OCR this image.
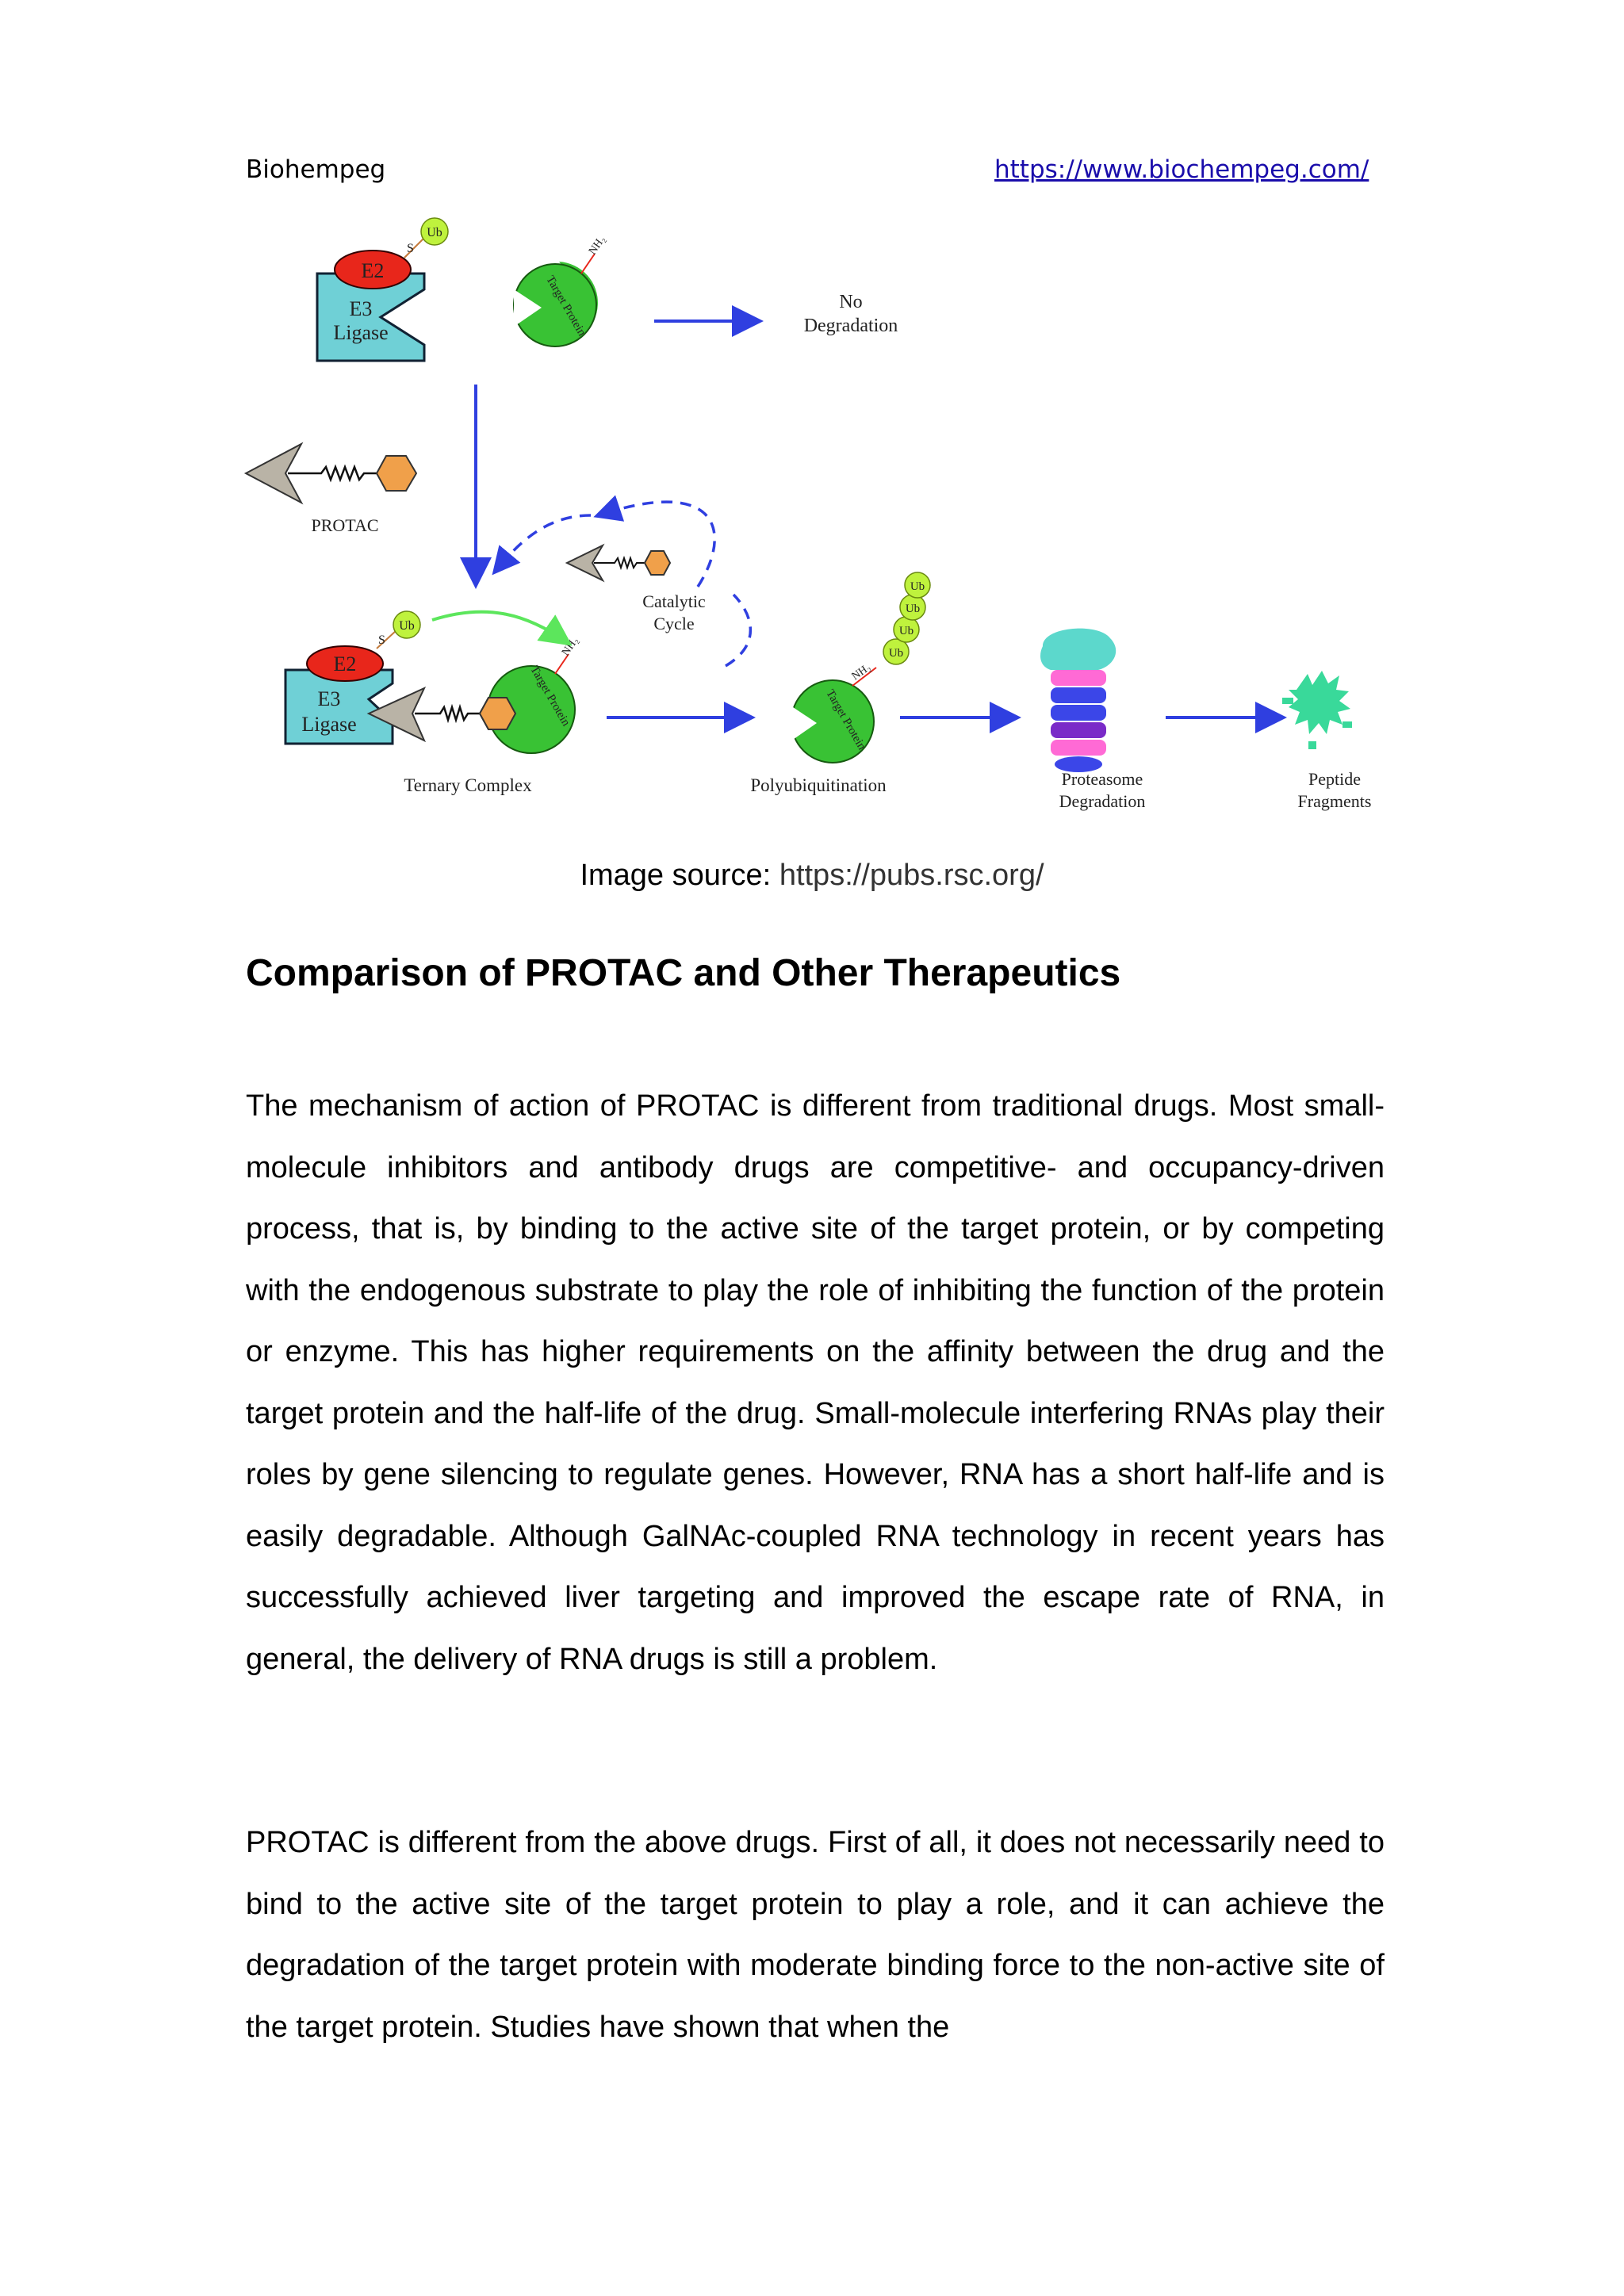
Biohempeg	https://www.biochempeg.com/
E3
Ligase
E2
S
Ub
Target Protein
NH₂
No
Degradation
PROTAC
Catalytic
Cycle
E3
Ligase
E2
S
Ub
Target Protein
NH₂
Ternary Complex
Target Protein
NH₂
Ub
Ub
Ub
Ub
Polyubiquitination	Proteasome
Degradation
Peptide
Fragments
Image source: https://pubs.rsc.org/
Comparison of PROTAC and Other Therapeutics

The mechanism of action of PROTAC is different from traditional drugs. Most small-molecule inhibitors and antibody drugs are competitive- and occupancy-driven process, that is, by binding to the active site of the target protein, or by competing with the endogenous substrate to play the role of inhibiting the function of the protein or enzyme. This has higher requirements on the affinity between the drug and the target protein and the half-life of the drug. Small-molecule interfering RNAs play their roles by gene silencing to regulate genes. However, RNA has a short half-life and is easily degradable. Although GalNAc-coupled RNA technology in recent years has successfully achieved liver targeting and improved the escape rate of RNA, in general, the delivery of RNA drugs is still a problem.

PROTAC is different from the above drugs. First of all, it does not necessarily need to bind to the active site of the target protein to play a role, and it can achieve the degradation of the target protein with moderate binding force to the non-active site of the target protein. Studies have shown that when the
